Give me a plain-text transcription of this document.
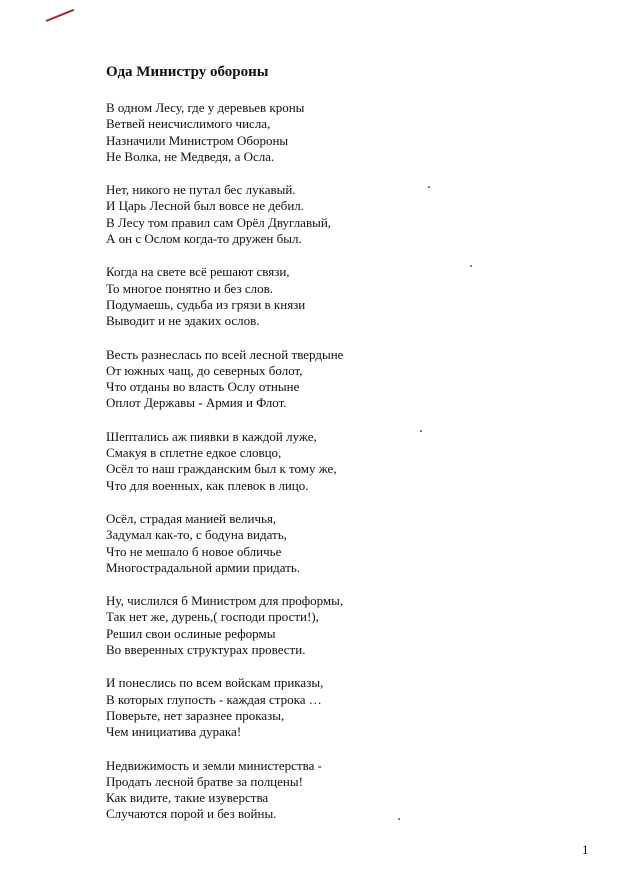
Ода Министру обороны
В одном Лесу, где у деревьев кроны
Ветвей неисчислимого числа,
Назначили Министром Обороны
Не Волка, не Медведя, а Осла.
Нет, никого не путал бес лукавый.
И Царь Лесной был вовсе не дебил.
В Лесу том правил сам Орёл Двуглавый,
А он с Ослом когда-то дружен был.
Когда на свете всё решают связи,
То многое понятно и без слов.
Подумаешь, судьба из грязи в князи
Выводит и не эдаких ослов.
Весть разнеслась по всей лесной твердыне
От южных чащ, до северных болот,
Что отданы во власть Ослу отныне
Оплот Державы - Армия и Флот.
Шептались аж пиявки в каждой луже,
Смакуя в сплетне едкое словцо,
Осёл то наш гражданским был к тому же,
Что для военных, как плевок в лицо.
Осёл, страдая манией величья,
Задумал как-то, с бодуна видать,
Что не мешало б новое обличье
Многострадальной армии придать.
Ну, числился б Министром для проформы,
Так нет же, дурень,( господи прости!),
Решил свои ослиные реформы
Во вверенных структурах провести.
И понеслись по всем войскам приказы,
В которых глупость - каждая строка …
Поверьте, нет заразнее проказы,
Чем инициатива дурака!
Недвижимость и земли министерства -
Продать лесной братве за полцены!
Как видите, такие изуверства
Случаются порой и без войны.
1
